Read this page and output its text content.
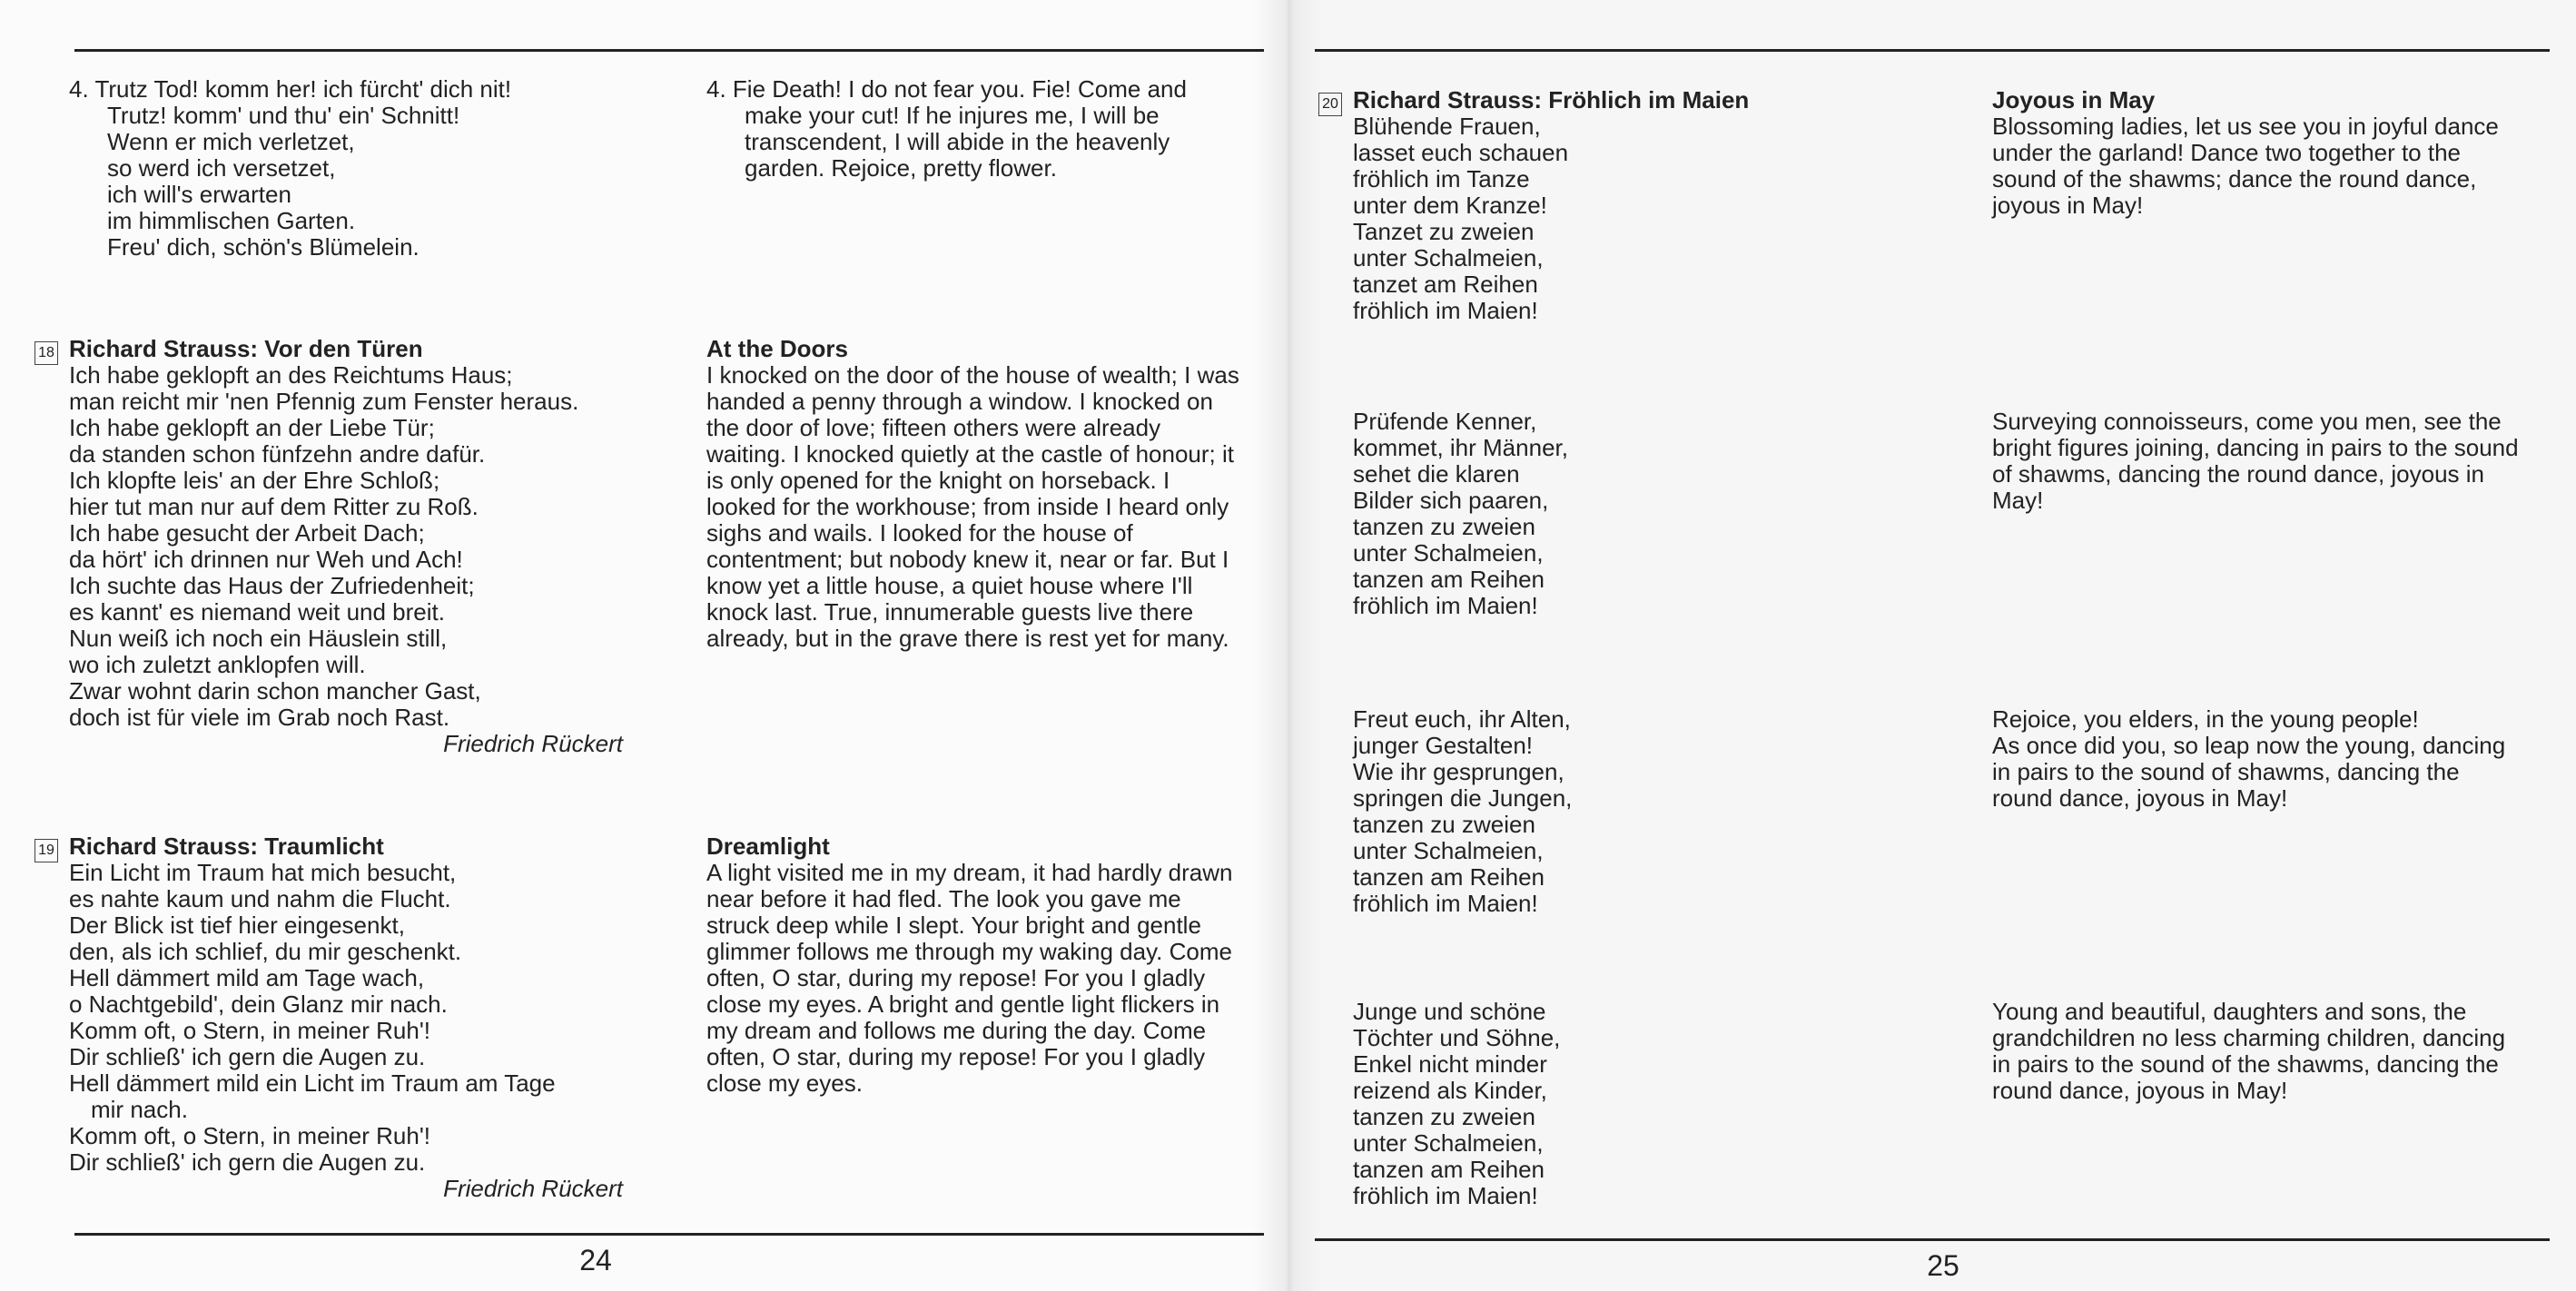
4. Trutz Tod! komm her! ich fürcht' dich nit!
Trutz! komm' und thu' ein' Schnitt!
Wenn er mich verletzet,
so werd ich versetzet,
ich will's erwarten
im himmlischen Garten.
Freu' dich, schön's Blümelein.
4. Fie Death! I do not fear you. Fie! Come and
make your cut! If he injures me, I will be
transcendent, I will abide in the heavenly
garden. Rejoice, pretty flower.
18 Richard Strauss: Vor den Türen
Ich habe geklopft an des Reichtums Haus;
man reicht mir 'nen Pfennig zum Fenster heraus.
Ich habe geklopft an der Liebe Tür;
da standen schon fünfzehn andre dafür.
Ich klopfte leis' an der Ehre Schloß;
hier tut man nur auf dem Ritter zu Roß.
Ich habe gesucht der Arbeit Dach;
da hört' ich drinnen nur Weh und Ach!
Ich suchte das Haus der Zufriedenheit;
es kannt' es niemand weit und breit.
Nun weiß ich noch ein Häuslein still,
wo ich zuletzt anklopfen will.
Zwar wohnt darin schon mancher Gast,
doch ist für viele im Grab noch Rast.
Friedrich Rückert
At the Doors
I knocked on the door of the house of wealth; I was
handed a penny through a window. I knocked on
the door of love; fifteen others were already
waiting. I knocked quietly at the castle of honour; it
is only opened for the knight on horseback. I
looked for the workhouse; from inside I heard only
sighs and wails. I looked for the house of
contentment; but nobody knew it, near or far. But I
know yet a little house, a quiet house where I'll
knock last. True, innumerable guests live there
already, but in the grave there is rest yet for many.
19 Richard Strauss: Traumlicht
Ein Licht im Traum hat mich besucht,
es nahte kaum und nahm die Flucht.
Der Blick ist tief hier eingesenkt,
den, als ich schlief, du mir geschenkt.
Hell dämmert mild am Tage wach,
o Nachtgebild', dein Glanz mir nach.
Komm oft, o Stern, in meiner Ruh'!
Dir schließ' ich gern die Augen zu.
Hell dämmert mild ein Licht im Traum am Tage
mir nach.
Komm oft, o Stern, in meiner Ruh'!
Dir schließ' ich gern die Augen zu.
Friedrich Rückert
Dreamlight
A light visited me in my dream, it had hardly drawn
near before it had fled. The look you gave me
struck deep while I slept. Your bright and gentle
glimmer follows me through my waking day. Come
often, O star, during my repose! For you I gladly
close my eyes. A bright and gentle light flickers in
my dream and follows me during the day. Come
often, O star, during my repose! For you I gladly
close my eyes.
24
20 Richard Strauss: Fröhlich im Maien
Blühende Frauen,
lasset euch schauen
fröhlich im Tanze
unter dem Kranze!
Tanzet zu zweien
unter Schalmeien,
tanzet am Reihen
fröhlich im Maien!
Joyous in May
Blossoming ladies, let us see you in joyful dance
under the garland! Dance two together to the
sound of the shawms; dance the round dance,
joyous in May!
Prüfende Kenner,
kommet, ihr Männer,
sehet die klaren
Bilder sich paaren,
tanzen zu zweien
unter Schalmeien,
tanzen am Reihen
fröhlich im Maien!
Surveying connoisseurs, come you men, see the
bright figures joining, dancing in pairs to the sound
of shawms, dancing the round dance, joyous in
May!
Freut euch, ihr Alten,
junger Gestalten!
Wie ihr gesprungen,
springen die Jungen,
tanzen zu zweien
unter Schalmeien,
tanzen am Reihen
fröhlich im Maien!
Rejoice, you elders, in the young people!
As once did you, so leap now the young, dancing
in pairs to the sound of shawms, dancing the
round dance, joyous in May!
Junge und schöne
Töchter und Söhne,
Enkel nicht minder
reizend als Kinder,
tanzen zu zweien
unter Schalmeien,
tanzen am Reihen
fröhlich im Maien!
Young and beautiful, daughters and sons, the
grandchildren no less charming children, dancing
in pairs to the sound of the shawms, dancing the
round dance, joyous in May!
25
